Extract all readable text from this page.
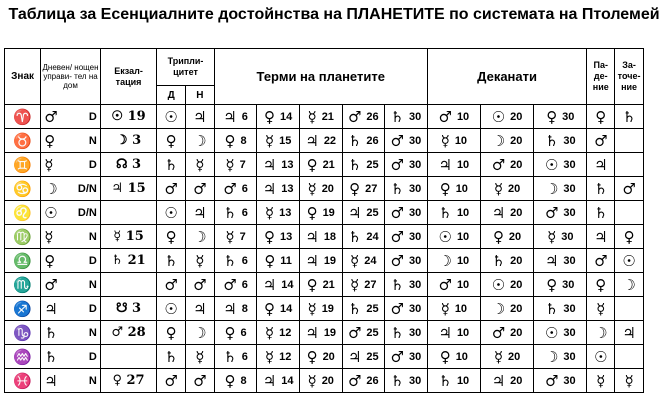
Таблица за Есенциалните достойнства на ПЛАНЕТИТЕ по системата на Птолемей
Знак	Дневен/ нощен управи- тел на дом	Екзал- тация	Трипли- цитет		Терми на планетите					Деканати			Па- де- ние	За- точе- ние
			Д	Н										
♈	♂ D	☉ 19	☉	♃	♃ 6	♀ 14	☿ 21	♂ 26	♄ 30	♂ 10	☉ 20	♀ 30	♀	♄
♉	♀ N	☽ 3	♀	☽	♀ 8	☿ 15	♃ 22	♄ 26	♂ 30	☿ 10	☽ 20	♄ 30	♂	
♊	☿ D	☊ 3	♄	☿	☿ 7	♃ 13	♀ 21	♄ 25	♂ 30	♃ 10	♂ 20	☉ 30	♃	
♋	☽ D/N	♃ 15	♂	♂	♂ 6	♃ 13	☿ 20	♀ 27	♄ 30	♀ 10	☿ 20	☽ 30	♄	♂
♌	☉ D/N		☉	♃	♄ 6	☿ 13	♀ 19	♃ 25	♂ 30	♄ 10	♃ 20	♂ 30	♄	
♍	☿ N	☿ 15	♀	☽	☿ 7	♀ 13	♃ 18	♄ 24	♂ 30	☉ 10	♀ 20	☿ 30	♃	♀
♎	♀ D	♄ 21	♄	☿	♄ 6	♀ 11	♃ 19	☿ 24	♂ 30	☽ 10	♄ 20	♃ 30	♂	☉
♏	♂ N		♂	♂	♂ 6	♃ 14	♀ 21	☿ 27	♄ 30	♂ 10	☉ 20	♀ 30	♀	☽
♐	♃ D	☋ 3	☉	♃	♃ 8	♀ 14	☿ 19	♄ 25	♂ 30	☿ 10	☽ 20	♄ 30	☿	
♑	♄ N	♂ 28	♀	☽	♀ 6	☿ 12	♃ 19	♂ 25	♄ 30	♃ 10	♂ 20	☉ 30	☽	♃
♒	♄ D		♄	☿	♄ 6	☿ 12	♀ 20	♃ 25	♂ 30	♀ 10	☿ 20	☽ 30	☉	
♓	♃ N	♀ 27	♂	♂	♀ 8	♃ 14	☿ 20	♂ 26	♄ 30	♄ 10	♃ 20	♂ 30	☿	☿
